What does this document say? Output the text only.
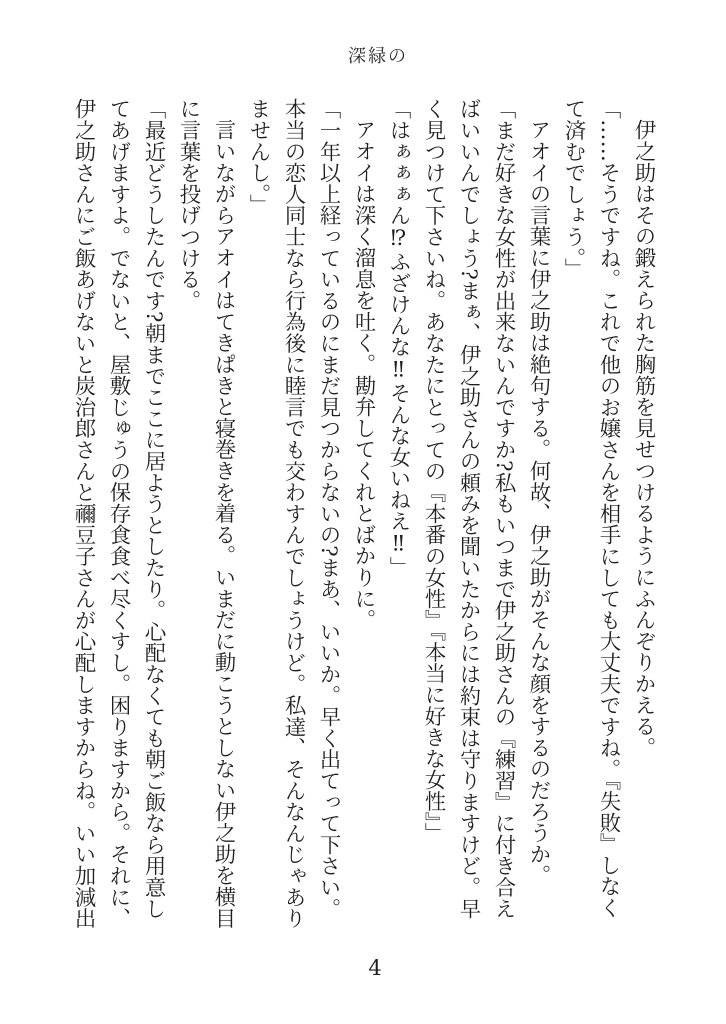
深緑の

伊之助はその鍛えられた胸筋を見せつけるようにふんぞりかえる。

「……そうですね。これで他のお嬢さんを相手にしても大丈夫ですね。『失敗』しなく

て済むでしょう。」

アオイの言葉に伊之助は絶句する。何故、伊之助がそんな顔をするのだろうか。

「まだ好きな女性が出来ないんですか?私もいつまで伊之助さんの『練習』に付き合え

ばいいんでしょう?まぁ、伊之助さんの頼みを聞いたからには約束は守りますけど。早

く見つけて下さいね。あなたにとっての『本番の女性』『本当に好きな女性』」

「はぁぁぁん⁉ふざけんな‼そんな女いねえ‼」

アオイは深く溜息を吐く。勘弁してくれとばかりに。

「一年以上経っているのにまだ見つからないの?まあ、いいか。早く出てって下さい。

本当の恋人同士なら行為後に睦言でも交わすんでしょうけど。私達、そんなんじゃあり

ませんし。」

言いながらアオイはてきぱきと寝巻きを着る。いまだに動こうとしない伊之助を横目

に言葉を投げつける。

「最近どうしたんです?朝までここに居ようとしたり。心配なくても朝ご飯なら用意し

てあげますよ。でないと、屋敷じゅうの保存食食べ尽くすし。困りますから。それに、

伊之助さんにご飯あげないと炭治郎さんと禰豆子さんが心配しますからね。いい加減出

4
